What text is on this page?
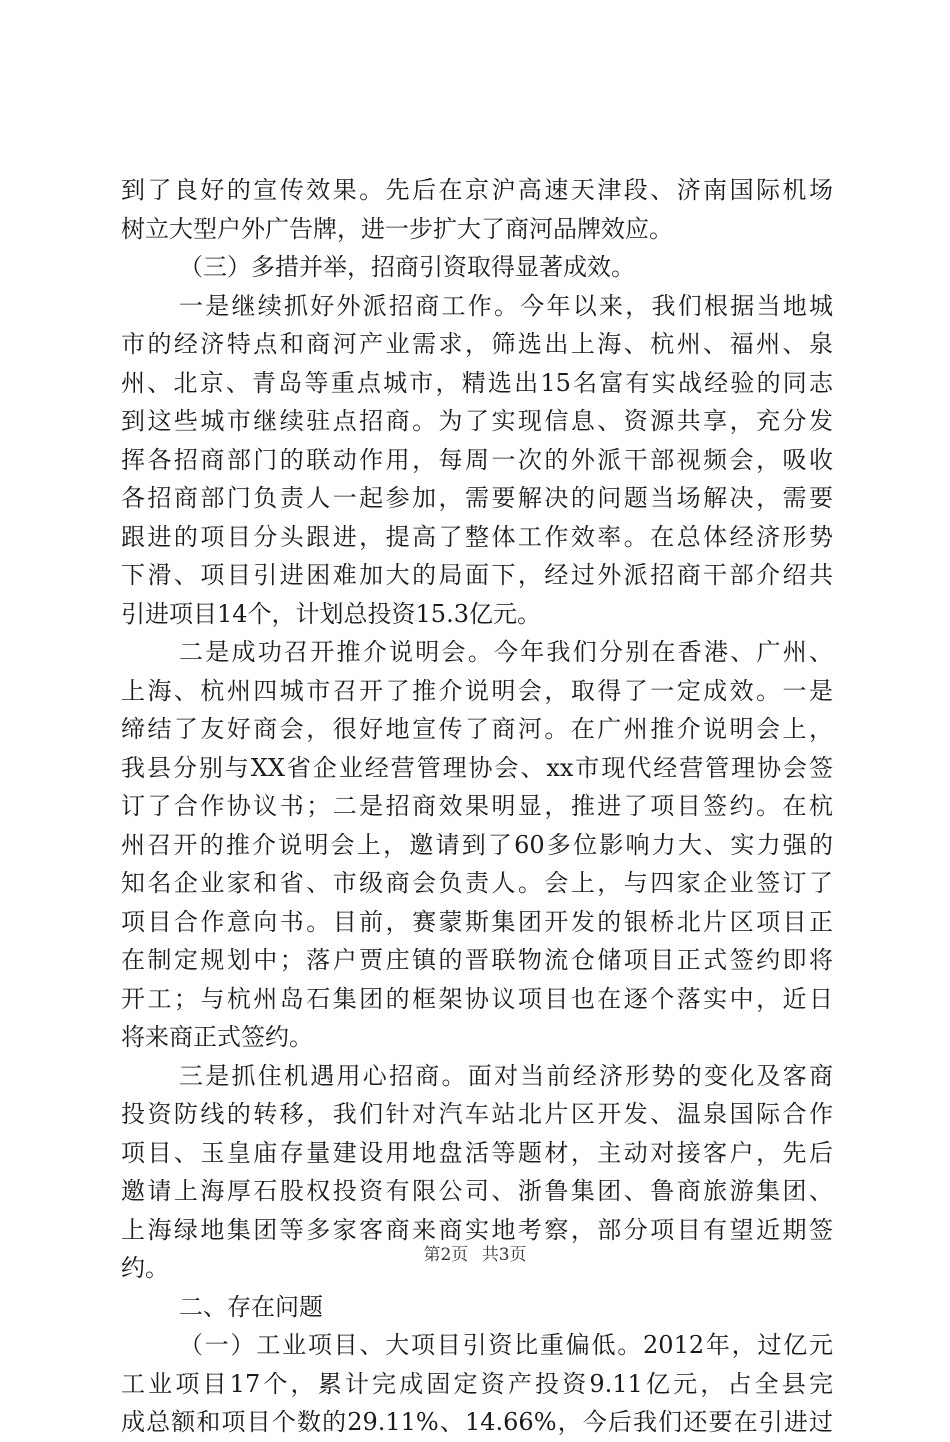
到了良好的宣传效果。先后在京沪高速天津段、济南国际机场
树立大型户外广告牌，进一步扩大了商河品牌效应。
（三）多措并举，招商引资取得显著成效。
一是继续抓好外派招商工作。今年以来，我们根据当地城
市的经济特点和商河产业需求，筛选出上海、杭州、福州、泉
州、北京、青岛等重点城市，精选出15名富有实战经验的同志
到这些城市继续驻点招商。为了实现信息、资源共享，充分发
挥各招商部门的联动作用，每周一次的外派干部视频会，吸收
各招商部门负责人一起参加，需要解决的问题当场解决，需要
跟进的项目分头跟进，提高了整体工作效率。在总体经济形势
下滑、项目引进困难加大的局面下，经过外派招商干部介绍共
引进项目14个，计划总投资15.3亿元。
二是成功召开推介说明会。今年我们分别在香港、广州、
上海、杭州四城市召开了推介说明会，取得了一定成效。一是
缔结了友好商会，很好地宣传了商河。在广州推介说明会上，
我县分别与XX省企业经营管理协会、xx市现代经营管理协会签
订了合作协议书；二是招商效果明显，推进了项目签约。在杭
州召开的推介说明会上，邀请到了60多位影响力大、实力强的
知名企业家和省、市级商会负责人。会上，与四家企业签订了
项目合作意向书。目前，赛蒙斯集团开发的银桥北片区项目正
在制定规划中；落户贾庄镇的晋联物流仓储项目正式签约即将
开工；与杭州岛石集团的框架协议项目也在逐个落实中，近日
将来商正式签约。
三是抓住机遇用心招商。面对当前经济形势的变化及客商
投资防线的转移，我们针对汽车站北片区开发、温泉国际合作
项目、玉皇庙存量建设用地盘活等题材，主动对接客户，先后
邀请上海厚石股权投资有限公司、浙鲁集团、鲁商旅游集团、
上海绿地集团等多家客商来商实地考察，部分项目有望近期签
约。
二、存在问题
（一）工业项目、大项目引资比重偏低。2012年，过亿元
工业项目17个，累计完成固定资产投资9.11亿元，占全县完
成总额和项目个数的29.11%、14.66%，今后我们还要在引进过
第2页 共3页
